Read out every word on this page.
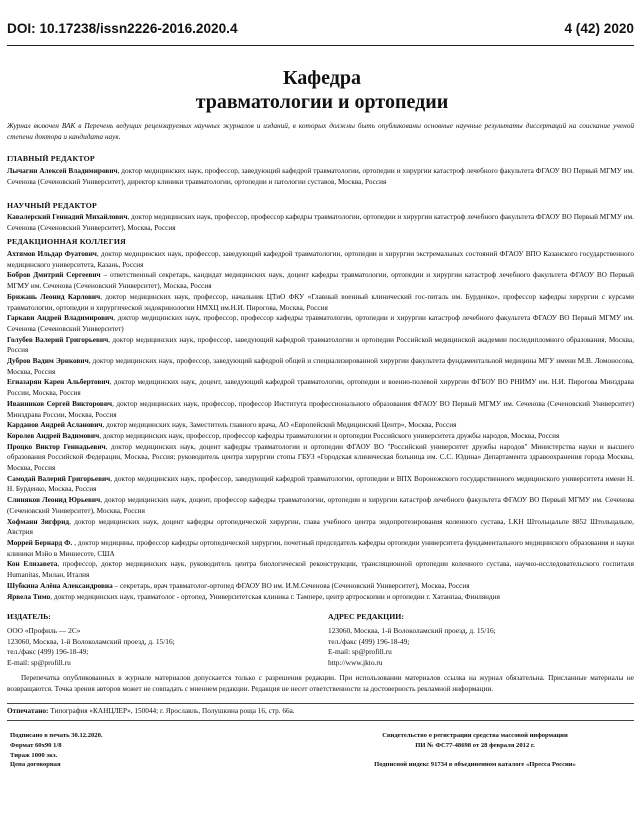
DOI: 10.17238/issn2226-2016.2020.4	4 (42) 2020
Кафедра
травматологии и ортопедии
Журнал включен ВАК в Перечень ведущих рецензируемых научных журналов и изданий, в которых должны быть опубликованы основные научные результаты диссертаций на соискание ученой степени доктора и кандидата наук.
ГЛАВНЫЙ РЕДАКТОР
Лычагин Алексей Владимирович, доктор медицинских наук, профессор, заведующий кафедрой травматологии, ортопедии и хирургии катастроф лечебного факультета ФГАОУ ВО Первый МГМУ им. Сеченова (Сеченовский Университет), директор клиники травматологии, ортопедии и патологии суставов, Москва, Россия
НАУЧНЫЙ РЕДАКТОР
Кавалерский Геннадий Михайлович, доктор медицинских наук, профессор, профессор кафедры травматологии, ортопедии и хирургии катастроф лечебного факультета ФГАОУ ВО Первый МГМУ им. Сеченова (Сеченовский Университет), Москва, Россия
РЕДАКЦИОННАЯ КОЛЛЕГИЯ

Ахтямов Ильдар Фуатович, доктор медицинских наук, профессор, заведующий кафедрой травматологии, ортопедии и хирургии экстремальных состояний ФГАОУ ВПО Казанского государственного медицинского университета, Казань, Россия

Бобров Дмитрий Сергеевич – ответственный секретарь, кандидат медицинских наук, доцент кафедры травматологии, ортопедии и хирургии катастроф лечебного факультета ФГАОУ ВО Первый МГМУ им. Сеченова (Сеченовский Университет), Москва, Россия

Брижань Леонид Карлович, доктор медицинских наук, профессор, начальник ЦТиО ФКУ «Главный военный клинический гос-питаль им. Бурденко», профессор кафедры хирургии с курсами травматологии, ортопедии и хирургической эндокринологии НМХЦ им.Н.И. Пирогова, Москва, Россия

Гаркави Андрей Владимирович, доктор медицинских наук, профессор, профессор кафедры травматологии, ортопедии и хирургии катастроф лечебного факультета ФГАОУ ВО Первый МГМУ им. Сеченова (Сеченовский Университет)

Голубев Валерий Григорьевич, доктор медицинских наук, профессор, заведующий кафедрой травматологии и ортопедии Российской медицинской академии последипломного образования, Москва, Россия

Дубров Вадим Эрикович, доктор медицинских наук, профессор, заведующий кафедрой общей и специализированной хирургии факультета фундаментальной медицины МГУ имени М.В. Ломоносова, Москва, Россия

Егиазарян Карен Альбертович, доктор медицинских наук, доцент, заведующий кафедрой травматологии, ортопедии и военно-полевой хирургии ФГБОУ ВО РНИМУ им. Н.И. Пирогова Минздрава России, Москва, Россия

Иванников Сергей Викторович, доктор медицинских наук, профессор, профессор Института профессионального образования ФГАОУ ВО Первый МГМУ им. Сеченова (Сеченовский Университет) Минздрава России, Москва, Россия

Карданов Андрей Асланович, доктор медицинских наук, Заместитель главного врача, АО «Европейский Медицинский Центр», Москва, Россия

Королев Андрей Вадимович, доктор медицинских наук, профессор, профессор кафедры травматологии и ортопедии Российского университета дружбы народов, Москва, Россия

Процко Виктор Геннадьевич, доктор медицинских наук, доцент кафедры травматологии и ортопедии ФГАОУ ВО "Российский университет дружбы народов" Министерства науки и высшего образования Российской Федерации, Москва, Россия; руководитель центра хирургии стопы ГБУЗ «Городская клиническая больница им. С.С. Юдина» Департамента здравоохранения города Москвы, Москва, Россия

Самодай Валерий Григорьевич, доктор медицинских наук, профессор, заведующий кафедрой травматологии, ортопедии и ВПХ Воронежского государственного медицинского университета имени Н. Н. Бурденко, Москва, Россия

Слиняков Леонид Юрьевич, доктор медицинских наук, доцент, профессор кафедры травматологии, ортопедии и хирургии катастроф лечебного факультета ФГАОУ ВО Первый МГМУ им. Сеченова (Сеченовский Университет), Москва, Россия

Хофманн Зигфрид, доктор медицинских наук, доцент кафедры ортопедической хирургии, глава учебного центра эндопротезирования коленного сустава, LKH Штольцальпе 8852 Штольцальпе, Австрия

Моррей Бернард Ф. , доктор медицины, профессор кафедры ортопедической хирургии, почетный председатель кафедры ортопедии университета фундаментального медицинского образования и науки клиники Мэйо в Миннесоте, США

Кон Елизавета, профессор, доктор медицинских наук, руководитель центра биологической реконструкции, трансляционной ортопедии коленного сустава, научно-исследовательского госпиталя Humanitas, Милан, Италия

Шубкина Алёна Александровна – секретарь, врач травматолог-ортопед ФГАОУ ВО им. И.М.Сеченова (Сеченовский Университет), Москва, Россия

Ярвела Тимо, доктор медицинских наук, травматолог - ортопед, Университетская клиника г. Тампере, центр артроскопии и ортопедии г. Хатанпаа, Финляндия

ИЗДАТЕЛЬ:
ООО «Профиль — 2С»
123060, Москва, 1-й Волоколамский проезд, д. 15/16;
тел./факс (499) 196-18-49;
E-mail: sp@profill.ru
АДРЕС РЕДАКЦИИ:
123060, Москва, 1-й Волоколамский проезд, д. 15/16;
тел./факс (499) 196-18-49;
E-mail: sp@profill.ru
http://www.jkto.ru
Перепечатка опубликованных в журнале материалов допускается только с разрешения редакции. При использовании материалов ссылка на журнал обязательна. Присланные материалы не возвращаются. Точка зрения авторов может не совпадать с мнением редакции. Редакция не несет ответственности за достоверность рекламной информации.
Отпечатано: Типография «КАНЦЛЕР», 150044; г. Ярославль, Полушкина роща 16, стр. 66а.
Подписано в печать 30.12.2020.
Формат 60х90 1/8
Тираж 1000 экз.
Цена договорная
Свидетельство о регистрации средства массовой информации
ПИ № ФС77-48698 от 28 февраля 2012 г.
Подписной индекс 91734 в объединенном каталоге «Пресса России»
